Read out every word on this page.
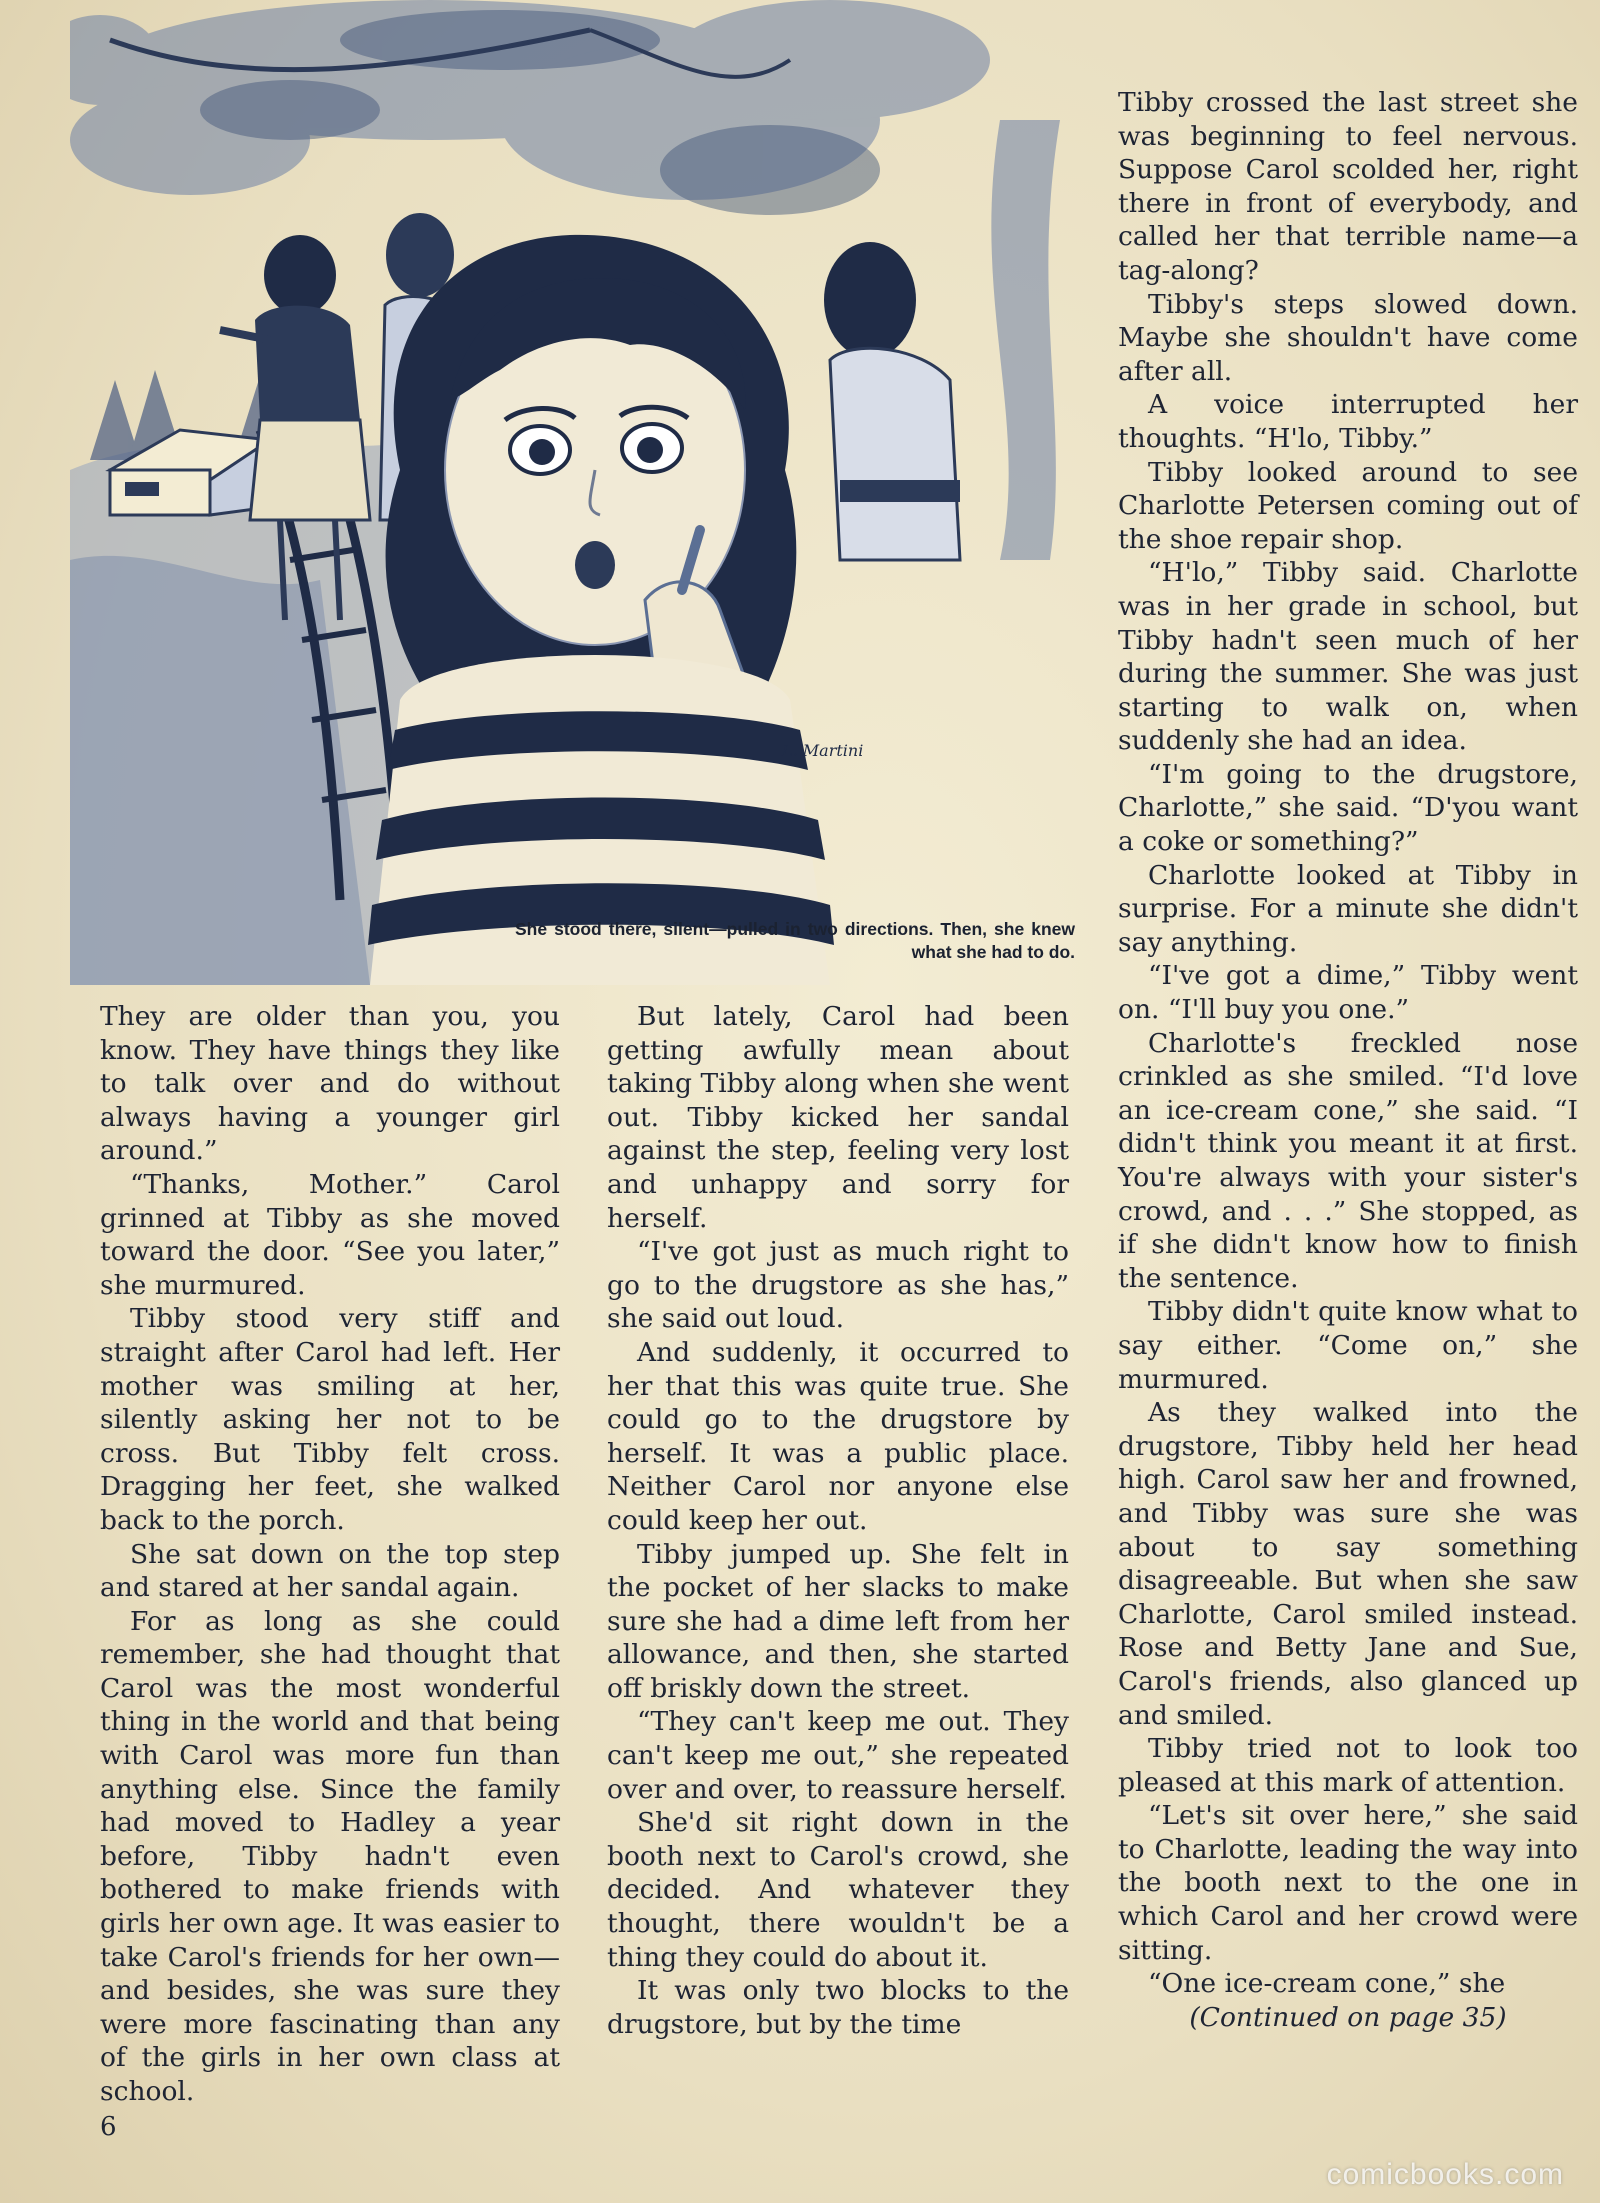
L. Martini
She stood there, silent—pulled in two directions. Then, she knew what she had to do.

They are older than you, you know. They have things they like to talk over and do without always having a younger girl around.”

“Thanks, Mother.” Carol grinned at Tibby as she moved toward the door. “See you later,” she murmured.

Tibby stood very stiff and straight after Carol had left. Her mother was smiling at her, silently asking her not to be cross. But Tibby felt cross. Dragging her feet, she walked back to the porch.

She sat down on the top step and stared at her sandal again.

For as long as she could remember, she had thought that Carol was the most wonderful thing in the world and that being with Carol was more fun than anything else. Since the family had moved to Hadley a year before, Tibby hadn't even bothered to make friends with girls her own age. It was easier to take Carol's friends for her own—and besides, she was sure they were more fascinating than any of the girls in her own class at school.

But lately, Carol had been getting awfully mean about taking Tibby along when she went out. Tibby kicked her sandal against the step, feeling very lost and unhappy and sorry for herself.

“I've got just as much right to go to the drugstore as she has,” she said out loud.

And suddenly, it occurred to her that this was quite true. She could go to the drugstore by herself. It was a public place. Neither Carol nor anyone else could keep her out.

Tibby jumped up. She felt in the pocket of her slacks to make sure she had a dime left from her allowance, and then, she started off briskly down the street.

“They can't keep me out. They can't keep me out,” she repeated over and over, to reassure herself.

She'd sit right down in the booth next to Carol's crowd, she decided. And whatever they thought, there wouldn't be a thing they could do about it.

It was only two blocks to the drugstore, but by the time

Tibby crossed the last street she was beginning to feel nervous. Suppose Carol scolded her, right there in front of everybody, and called her that terrible name—a tag-along?

Tibby's steps slowed down. Maybe she shouldn't have come after all.

A voice interrupted her thoughts. “H'lo, Tibby.”

Tibby looked around to see Charlotte Petersen coming out of the shoe repair shop.

“H'lo,” Tibby said. Charlotte was in her grade in school, but Tibby hadn't seen much of her during the summer. She was just starting to walk on, when suddenly she had an idea.

“I'm going to the drugstore, Charlotte,” she said. “D'you want a coke or something?”

Charlotte looked at Tibby in surprise. For a minute she didn't say anything.

“I've got a dime,” Tibby went on. “I'll buy you one.”

Charlotte's freckled nose crinkled as she smiled. “I'd love an ice-cream cone,” she said. “I didn't think you meant it at first. You're always with your sister's crowd, and . . .” She stopped, as if she didn't know how to finish the sentence.

Tibby didn't quite know what to say either. “Come on,” she murmured.

As they walked into the drugstore, Tibby held her head high. Carol saw her and frowned, and Tibby was sure she was about to say something disagreeable. But when she saw Charlotte, Carol smiled instead. Rose and Betty Jane and Sue, Carol's friends, also glanced up and smiled.

Tibby tried not to look too pleased at this mark of attention.

“Let's sit over here,” she said to Charlotte, leading the way into the booth next to the one in which Carol and her crowd were sitting.

“One ice-cream cone,” she

(Continued on page 35)

6
comicbooks.com
